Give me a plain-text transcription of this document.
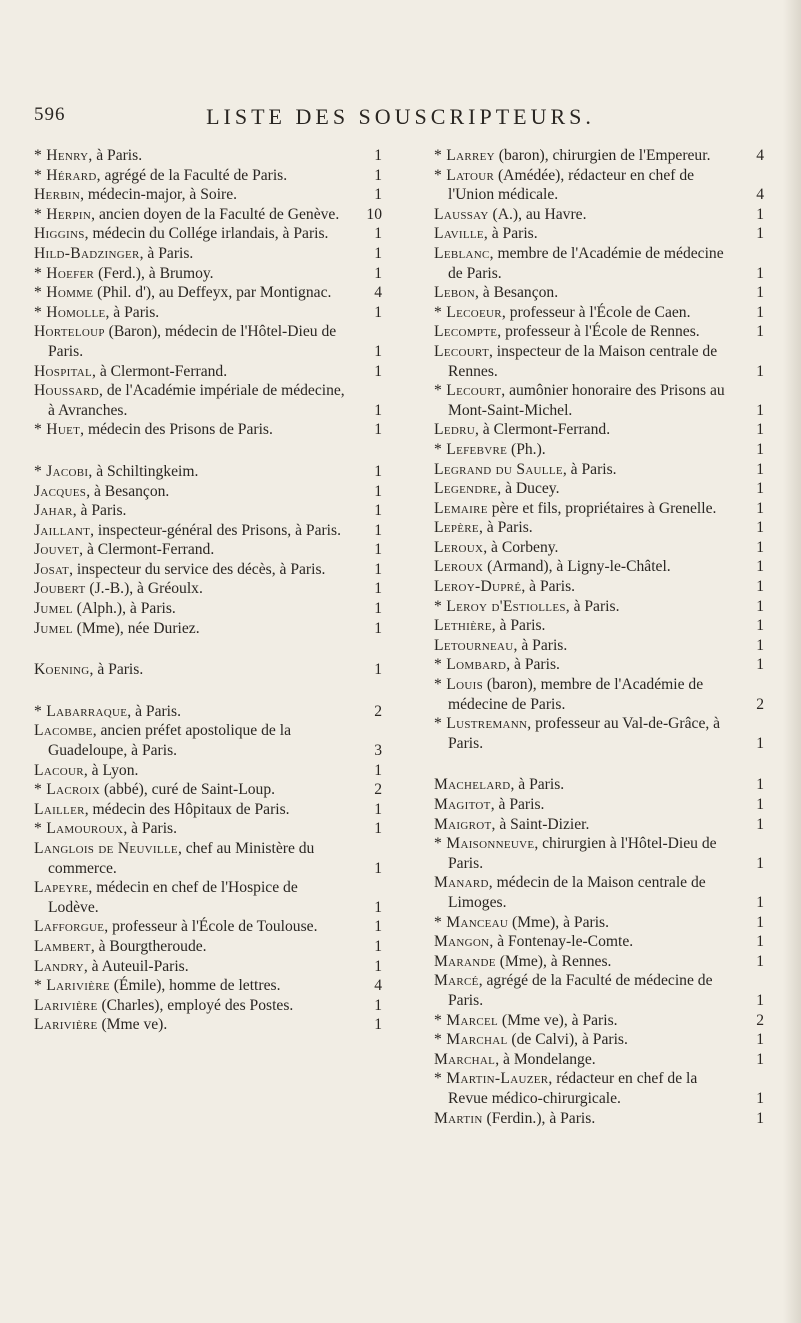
596	LISTE DES SOUSCRIPTEURS.
* Henry, à Paris.	1
* Hérard, agrégé de la Faculté de Paris.	1
Herbin, médecin-major, à Soire.	1
* Herpin, ancien doyen de la Faculté de Genève.	10
Higgins, médecin du Collége irlandais, à Paris.	1
Hild-Badzinger, à Paris.	1
* Hoefer (Ferd.), à Brumoy.	1
* Homme (Phil. d'), au Deffeyx, par Montignac.	4
* Homolle, à Paris.	1
Horteloup (Baron), médecin de l'Hôtel-Dieu de Paris.	1
Hospital, à Clermont-Ferrand.	1
Houssard, de l'Académie impériale de médecine, à Avranches.	1
* Huet, médecin des Prisons de Paris.	1
* Jacobi, à Schiltingkeim.	1
Jacques, à Besançon.	1
Jahar, à Paris.	1
Jaillant, inspecteur-général des Prisons, à Paris.	1
Jouvet, à Clermont-Ferrand.	1
Josat, inspecteur du service des décès, à Paris.	1
Joubert (J.-B.), à Gréoulx.	1
Jumel (Alph.), à Paris.	1
Jumel (Mme), née Duriez.	1
Koening, à Paris.	1
* Labarraque, à Paris.	2
Lacombe, ancien préfet apostolique de la Guadeloupe, à Paris.	3
Lacour, à Lyon.	1
* Lacroix (abbé), curé de Saint-Loup.	2
Lailler, médecin des Hôpitaux de Paris.	1
* Lamouroux, à Paris.	1
Langlois de Neuville, chef au Ministère du commerce.	1
Lapeyre, médecin en chef de l'Hospice de Lodève.	1
Lafforgue, professeur à l'École de Toulouse.	1
Lambert, à Bourgtheroude.	1
Landry, à Auteuil-Paris.	1
* Larivière (Émile), homme de lettres.	4
Larivière (Charles), employé des Postes.	1
Larivière (Mme ve).	1
* Larrey (baron), chirurgien de l'Empereur.	4
* Latour (Amédée), rédacteur en chef de l'Union médicale.	4
Laussay (A.), au Havre.	1
Laville, à Paris.	1
Leblanc, membre de l'Académie de médecine de Paris.	1
Lebon, à Besançon.	1
* Lecoeur, professeur à l'École de Caen.	1
Lecompte, professeur à l'École de Rennes.	1
Lecourt, inspecteur de la Maison centrale de Rennes.	1
* Lecourt, aumônier honoraire des Prisons au Mont-Saint-Michel.	1
Ledru, à Clermont-Ferrand.	1
* Lefebvre (Ph.).	1
Legrand du Saulle, à Paris.	1
Legendre, à Ducey.	1
Lemaire père et fils, propriétaires à Grenelle.	1
Lepère, à Paris.	1
Leroux, à Corbeny.	1
Leroux (Armand), à Ligny-le-Châtel.	1
Leroy-Dupré, à Paris.	1
* Leroy d'Estiolles, à Paris.	1
Lethière, à Paris.	1
Letourneau, à Paris.	1
* Lombard, à Paris.	1
* Louis (baron), membre de l'Académie de médecine de Paris.	2
* Lustremann, professeur au Val-de-Grâce, à Paris.	1
Machelard, à Paris.	1
Magitot, à Paris.	1
Maigrot, à Saint-Dizier.	1
* Maisonneuve, chirurgien à l'Hôtel-Dieu de Paris.	1
Manard, médecin de la Maison centrale de Limoges.	1
* Manceau (Mme), à Paris.	1
Mangon, à Fontenay-le-Comte.	1
Marande (Mme), à Rennes.	1
Marcé, agrégé de la Faculté de médecine de Paris.	1
* Marcel (Mme ve), à Paris.	2
* Marchal (de Calvi), à Paris.	1
Marchal, à Mondelange.	1
* Martin-Lauzer, rédacteur en chef de la Revue médico-chirurgicale.	1
Martin (Ferdin.), à Paris.	1
